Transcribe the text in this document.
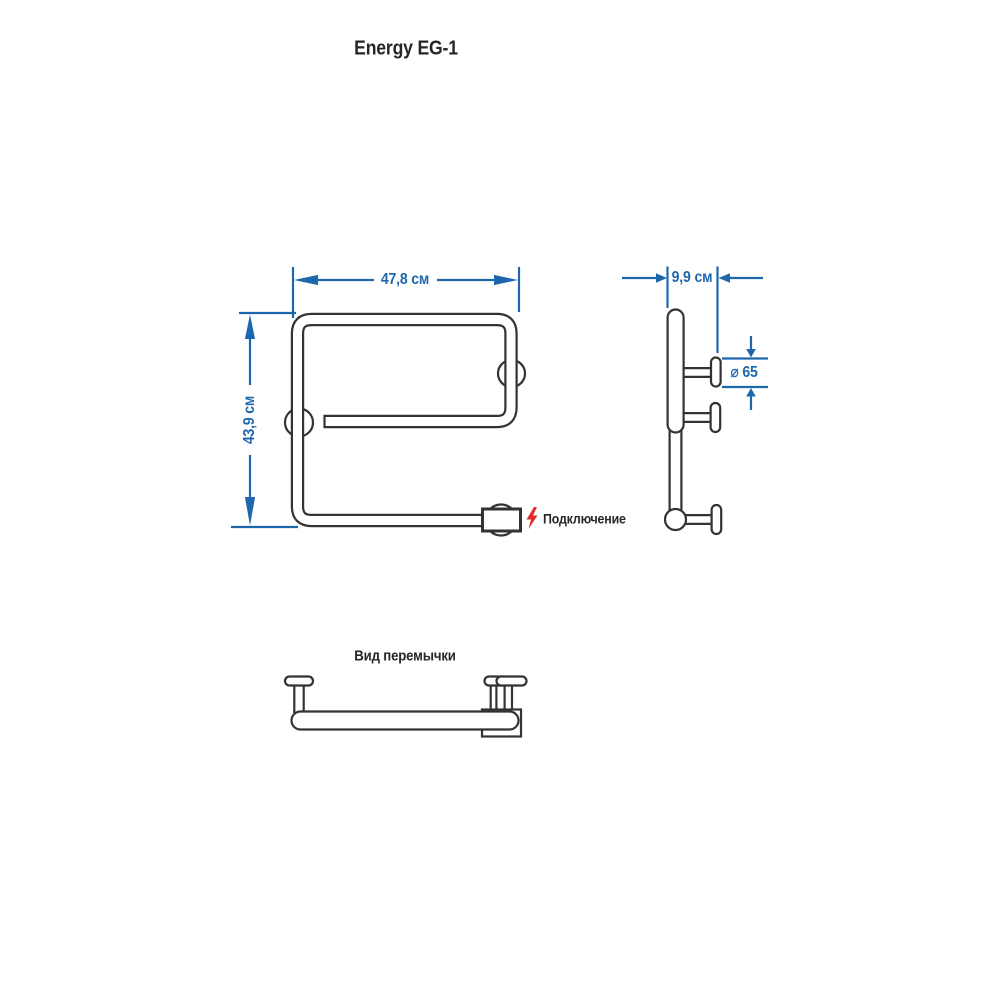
Energy EG-1
47,8 см
43,9 см
9,9 см
⌀ 65
Подключение
Вид перемычки
